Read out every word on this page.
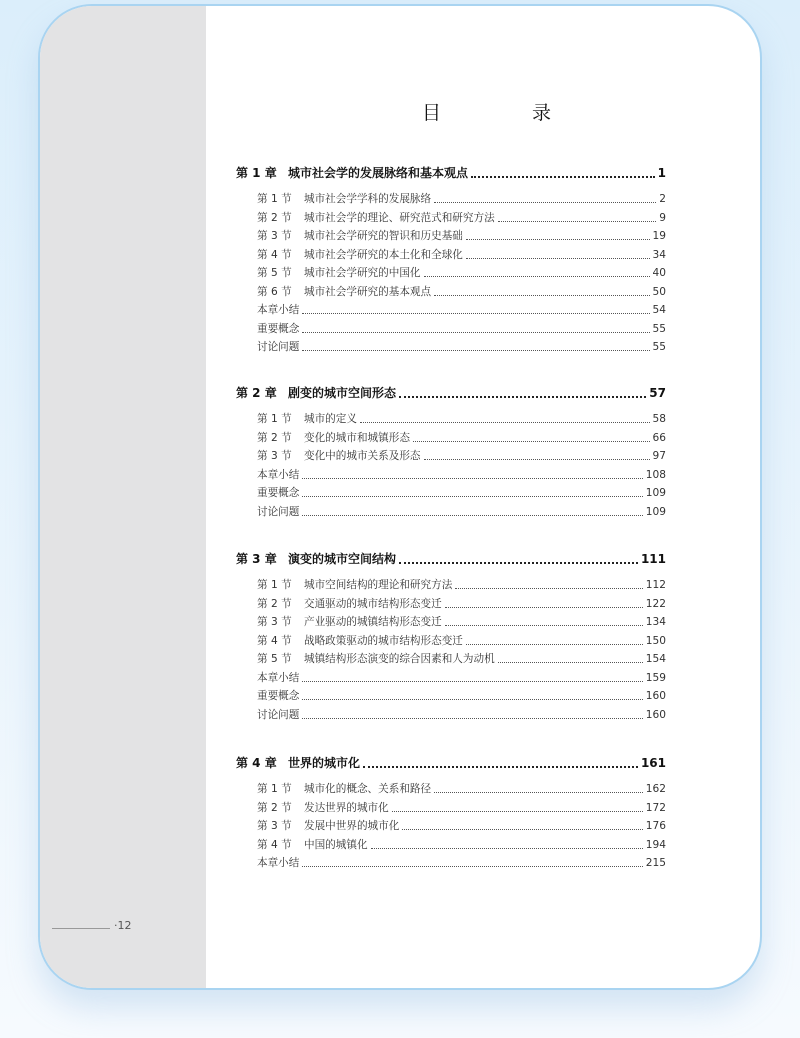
目　录
第 1 章 城市社会学的发展脉络和基本观点	1
第 1 节	城市社会学学科的发展脉络	2
第 2 节	城市社会学的理论、研究范式和研究方法	9
第 3 节	城市社会学研究的智识和历史基础	19
第 4 节	城市社会学研究的本土化和全球化	34
第 5 节	城市社会学研究的中国化	40
第 6 节	城市社会学研究的基本观点	50
本章小结	54
重要概念	55
讨论问题	55
第 2 章 剧变的城市空间形态	57
第 1 节	城市的定义	58
第 2 节	变化的城市和城镇形态	66
第 3 节	变化中的城市关系及形态	97
本章小结	108
重要概念	109
讨论问题	109
第 3 章 演变的城市空间结构	111
第 1 节	城市空间结构的理论和研究方法	112
第 2 节	交通驱动的城市结构形态变迁	122
第 3 节	产业驱动的城镇结构形态变迁	134
第 4 节	战略政策驱动的城市结构形态变迁	150
第 5 节	城镇结构形态演变的综合因素和人为动机	154
本章小结	159
重要概念	160
讨论问题	160
第 4 章 世界的城市化	161
第 1 节	城市化的概念、关系和路径	162
第 2 节	发达世界的城市化	172
第 3 节	发展中世界的城市化	176
第 4 节	中国的城镇化	194
本章小结	215
·12
